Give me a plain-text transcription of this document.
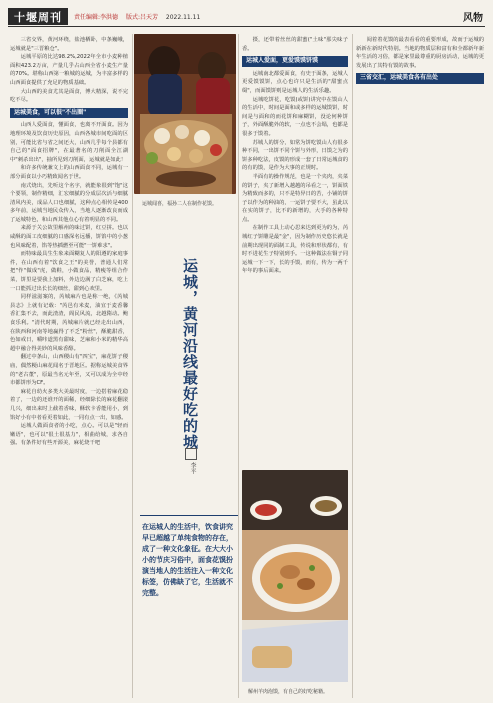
十堰周刊	责任编辑:李洪德 版式:吕天芳 2022.11.11	风物

三省交界，黄河环绕，盐池栖卧，中条巍峨，运城就是"三晋粮仓"。

运城平原的比达98.2%,2022年全市小麦种植面积423.2万亩，产量几乎占山西全省小麦生产量的70%。堪称山西第一粮城的运城，为丰富多样的山西面食提供了充足的物质基础。

大山西的美食尤其是面食，博大精深，说不完吃不尽。

运城美食，可以很"不出圈"

山西人爱面食，懂面食，也离不开面食。因为地理环境及饮食历史原因，山西各城市间吃面的区别，可能比省与省之间还大，山西几乎每个县都有自己的"面食招牌"，在最著名的刀削面全江湖中"刺杀出出"，抽所见到刀削面，运城就是如此！

和许多传统兼文上的山西面食不同，运城有一部分面食以小巧精致闻名于世。

南式烧出，先听这个名字，就能象很到"饱"这个要领，制作精细，汇宏细腻的分成层次活与细腻清风内美，成品人口也细腻，这种点心相传是400多年前，运城当地民众传入，当地人逐渐改良而成了运城特色，和山西其他点心有着明显的不同。

来源于关公故里解州的味过饼，红豆拼。也以咸酥的面工皮细腻的口感深名远播，饼馅中的小葱也风味配着，馅等热插燃至可能"一饼难求"。

而特味最具生生象来面糊复人的阳遵的家庭事件，在山西有着"饮食之王"的美誉，普通人们常把"作"做成"虎，做鞋，小做食品，精瘦等组合作菜，饼里是要我上加料，外边边满了白芝麻，吃上一口能抓过出长长的细丝，甜到心欢里。

同样滋滋案的，芮城麻片也是称一绝，《芮城县志》上就有记载："芮邑有米麦，油宜于麦香馨香汇集不去，而此渣渣，阁民风流，北越隋动。鲍食乐利。"清代时期，芮城麻片就已经走出山西，在陕西和河南等地赢得了不乏"粉丝"，酥脆甜香，色如戒日，嚼咔道黑有甜味，芝麻和小米的精华高超中融合得美妙的风味香醇。

翻过中条山，山西稷山有"四宝"，麻花饼子稷庙，偶然粳山麻花闻名于晋地区。据称运城美食界的"老古董"，原最当名元年至，又可以成为全中经市都饼形为CF。

麻花自幼火多类大美最时度，一边搭着麻花稳着了，一边的还谁开的面稀，经细除长的麻花翻滚几兴，细出来时上截着香味，酥软卡香能用小，到馅好小有中者看更着如此，一同有点一出，如感。

运城人做面食者的小吃，点心。可以是"轻而嫩语"，也可以"很土很基力"，相曲给城，求各自强。有条件好有些开源美，麻花烧干吧

运城闻喜，福孙二人在制作花馍。
运城，黄河沿线最好吃的城
李平
在运城人的生活中，饮食讲究早已超越了单纯食物的存在，成了一种文化象征。在大大小小的节庆习俗中，面食花馍扮演当地人的生活注入一种文化标签，仿佛缺了它，生活就不完整。

摄，还带着丝丝的甜蜜("土味"那尖味子香。

运城人爱面，更爱馍馍饼馍

运城南北都爱面食，有史于面条，运城人更爱馍馍饼，点心也许只是生活的"甜蜜点缀"，而面馍饼则是运城人的生活乐趣。

运城吃饼花，吃馍(或饼)讲究中在馍山人的生活中，时间是面和或多样的运城馍饼，时间是与面和的而花饼和麻糊饼，没论何种饼子，外面酥脆外的软，一点也不会塌，也都是很多于馍着。

苏城人的饼分，如常为饼吃馍山人有很多种不同，一出饼不同个饼与外形，日馍之为的饼多种吃法，皮馍的形成一套了日常运城食的的有的馍，是作为大事的正规时。

半面有的操作规范，也是一个夹肉，夹菜的饼子，夹了新增入越越的吊看之一，饼面铁为精致而多的，只不是特异日的苦，小铺的饼子以作为的种油的，一运饼子要不大，虽此以在实的饼子，比不的新增的，大手的各种特点。

在制作工具上动心思来达到更为的为，芮城红子饼雕是最"金"，因为制作历史悠长就是前期出现同的面制工具，传说和形状都有，有时不进花生子特别到手。一这种做法在铜子同运城一下一下，长的手馍，而有，传为一两千年年的事后面来。

解州羊肉泡馍，有自己的好吃秘籍。

阅着着花馍的最表看看的重要形成，故而于运城的新新在新时代特别。当地的物质层和富有和全都新年新年生活的习俗，都是家里最尊重的厨房活动，运城的更发展出了其特有馍的故事。

三省交汇，运城美食各有出处
